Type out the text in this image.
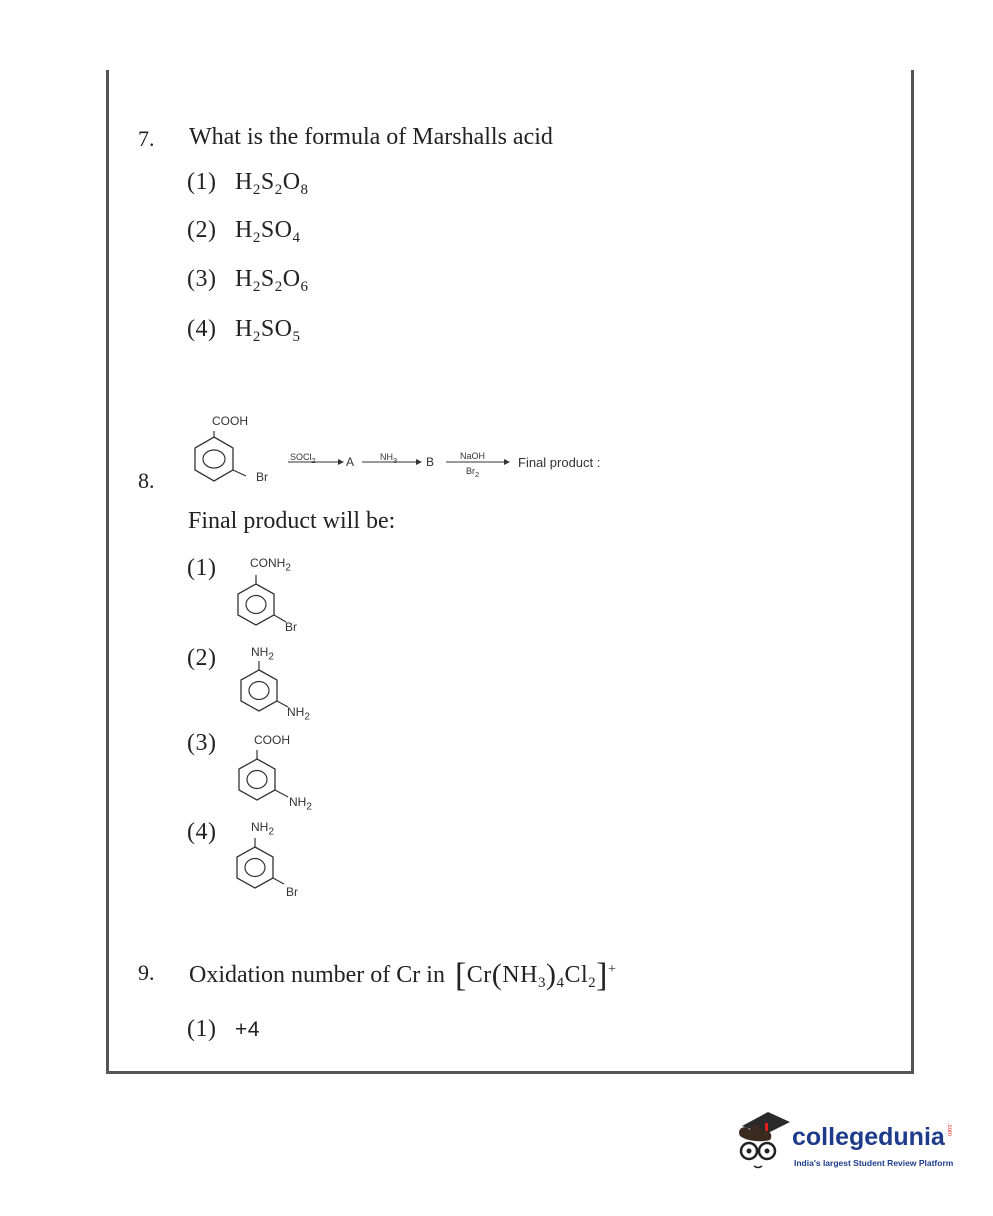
7. What is the formula of Marshalls acid
(1) $H_2S_2O_8$
(2) $H_2SO_4$
(3) $H_2S_2O_6$
(4) $H_2SO_5$
8.
COOH
Br
SOCl$_2$	A	$NH_3$ B	NaOH
$Br_2$
Final product :
Final product will be:
(1)	$CONH_2$
Br
(2)	$NH_2$
$NH_2$
(3)	COOH
$NH_2$
(4)	$NH_2$
Br
9. Oxidation number of Cr in $[Cr(NH_3)_4Cl_2]^+$
(1) +4
collegedunia.com
India's largest Student Review Platform
